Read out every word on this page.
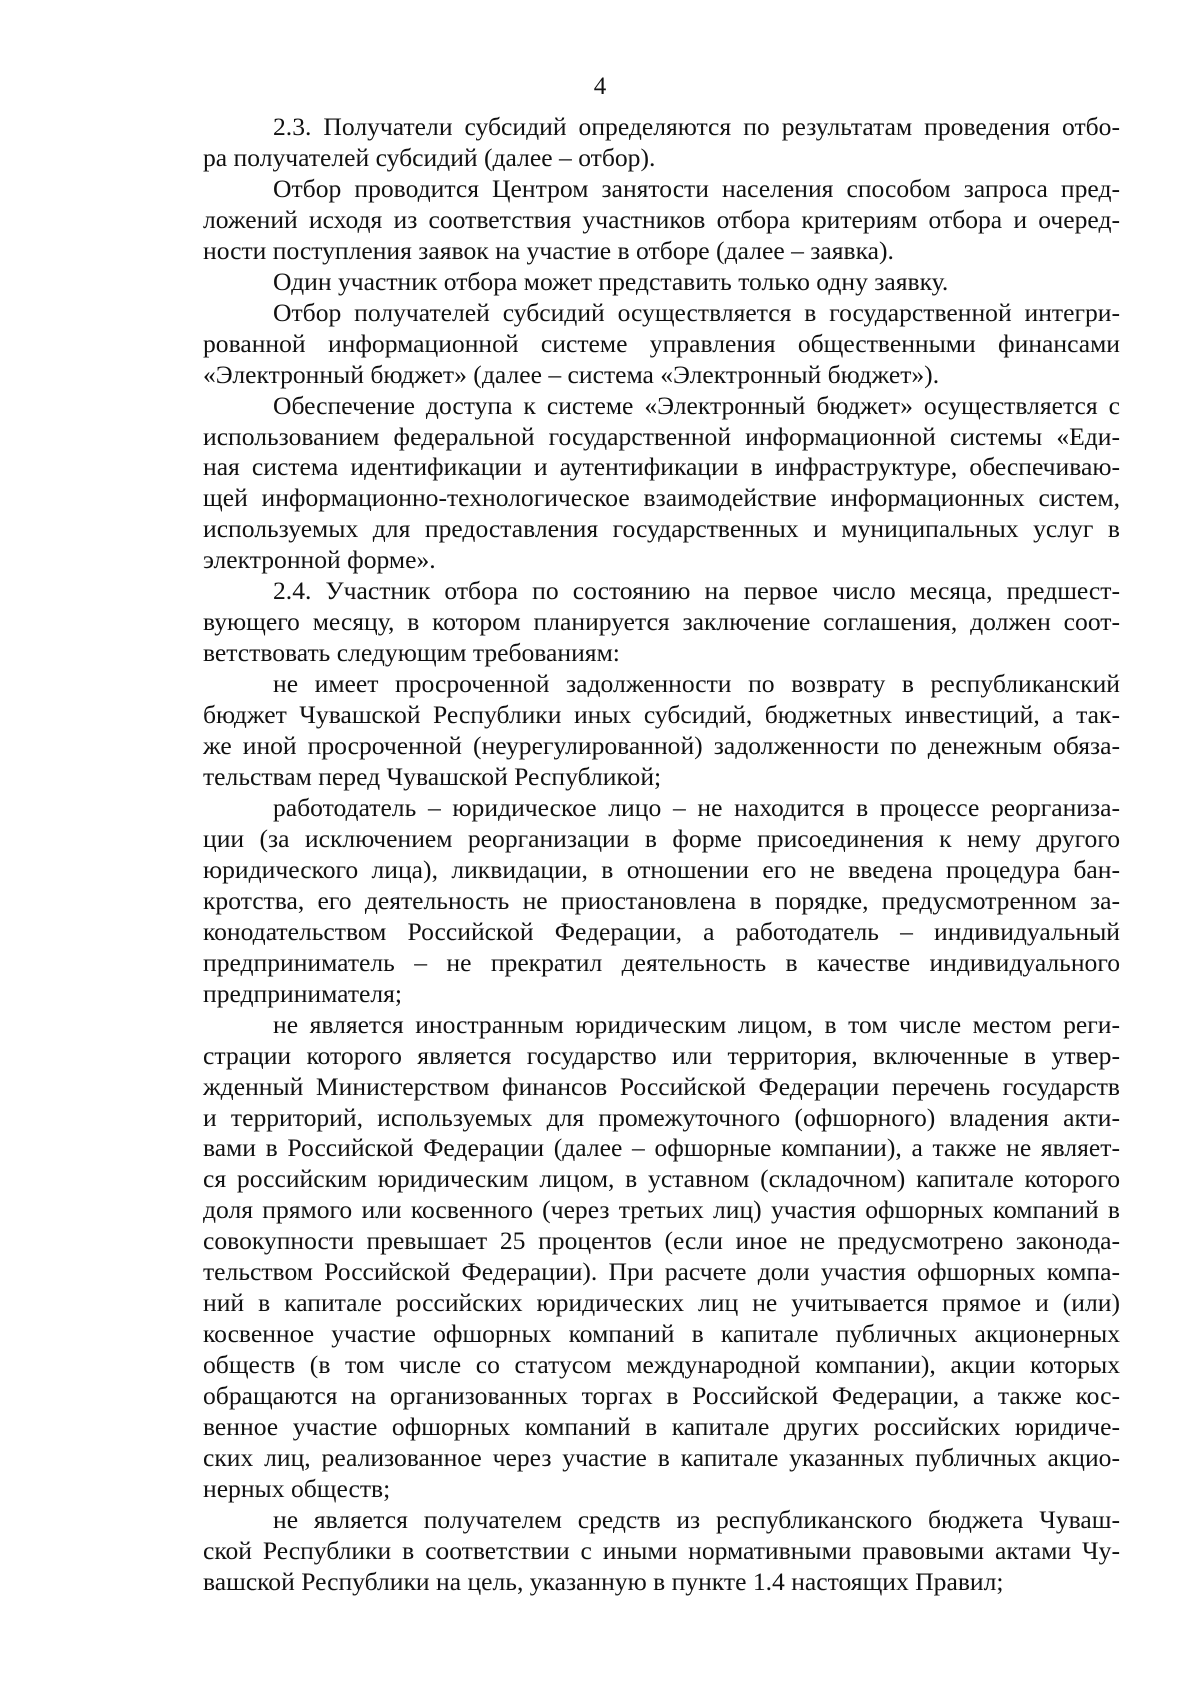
4
2.3. Получатели субсидий определяются по результатам проведения отбо-
ра получателей субсидий (далее – отбор).
Отбор проводится Центром занятости населения способом запроса пред-
ложений исходя из соответствия участников отбора критериям отбора и очеред-
ности поступления заявок на участие в отборе (далее – заявка).
Один участник отбора может представить только одну заявку.
Отбор получателей субсидий осуществляется в государственной интегри-
рованной информационной системе управления общественными финансами
«Электронный бюджет» (далее – система «Электронный бюджет»).
Обеспечение доступа к системе «Электронный бюджет» осуществляется с
использованием федеральной государственной информационной системы «Еди-
ная система идентификации и аутентификации в инфраструктуре, обеспечиваю-
щей информационно-технологическое взаимодействие информационных систем,
используемых для предоставления государственных и муниципальных услуг в
электронной форме».
2.4. Участник отбора по состоянию на первое число месяца, предшест-
вующего месяцу, в котором планируется заключение соглашения, должен соот-
ветствовать следующим требованиям:
не имеет просроченной задолженности по возврату в республиканский
бюджет Чувашской Республики иных субсидий, бюджетных инвестиций, а так-
же иной просроченной (неурегулированной) задолженности по денежным обяза-
тельствам перед Чувашской Республикой;
работодатель – юридическое лицо – не находится в процессе реорганиза-
ции (за исключением реорганизации в форме присоединения к нему другого
юридического лица), ликвидации, в отношении его не введена процедура бан-
кротства, его деятельность не приостановлена в порядке, предусмотренном за-
конодательством Российской Федерации, а работодатель – индивидуальный
предприниматель – не прекратил деятельность в качестве индивидуального
предпринимателя;
не является иностранным юридическим лицом, в том числе местом реги-
страции которого является государство или территория, включенные в утвер-
жденный Министерством финансов Российской Федерации перечень государств
и территорий, используемых для промежуточного (офшорного) владения акти-
вами в Российской Федерации (далее – офшорные компании), а также не являет-
ся российским юридическим лицом, в уставном (складочном) капитале которого
доля прямого или косвенного (через третьих лиц) участия офшорных компаний в
совокупности превышает 25 процентов (если иное не предусмотрено законода-
тельством Российской Федерации). При расчете доли участия офшорных компа-
ний в капитале российских юридических лиц не учитывается прямое и (или)
косвенное участие офшорных компаний в капитале публичных акционерных
обществ (в том числе со статусом международной компании), акции которых
обращаются на организованных торгах в Российской Федерации, а также кос-
венное участие офшорных компаний в капитале других российских юридиче-
ских лиц, реализованное через участие в капитале указанных публичных акцио-
нерных обществ;
не является получателем средств из республиканского бюджета Чуваш-
ской Республики в соответствии с иными нормативными правовыми актами Чу-
вашской Республики на цель, указанную в пункте 1.4 настоящих Правил;
